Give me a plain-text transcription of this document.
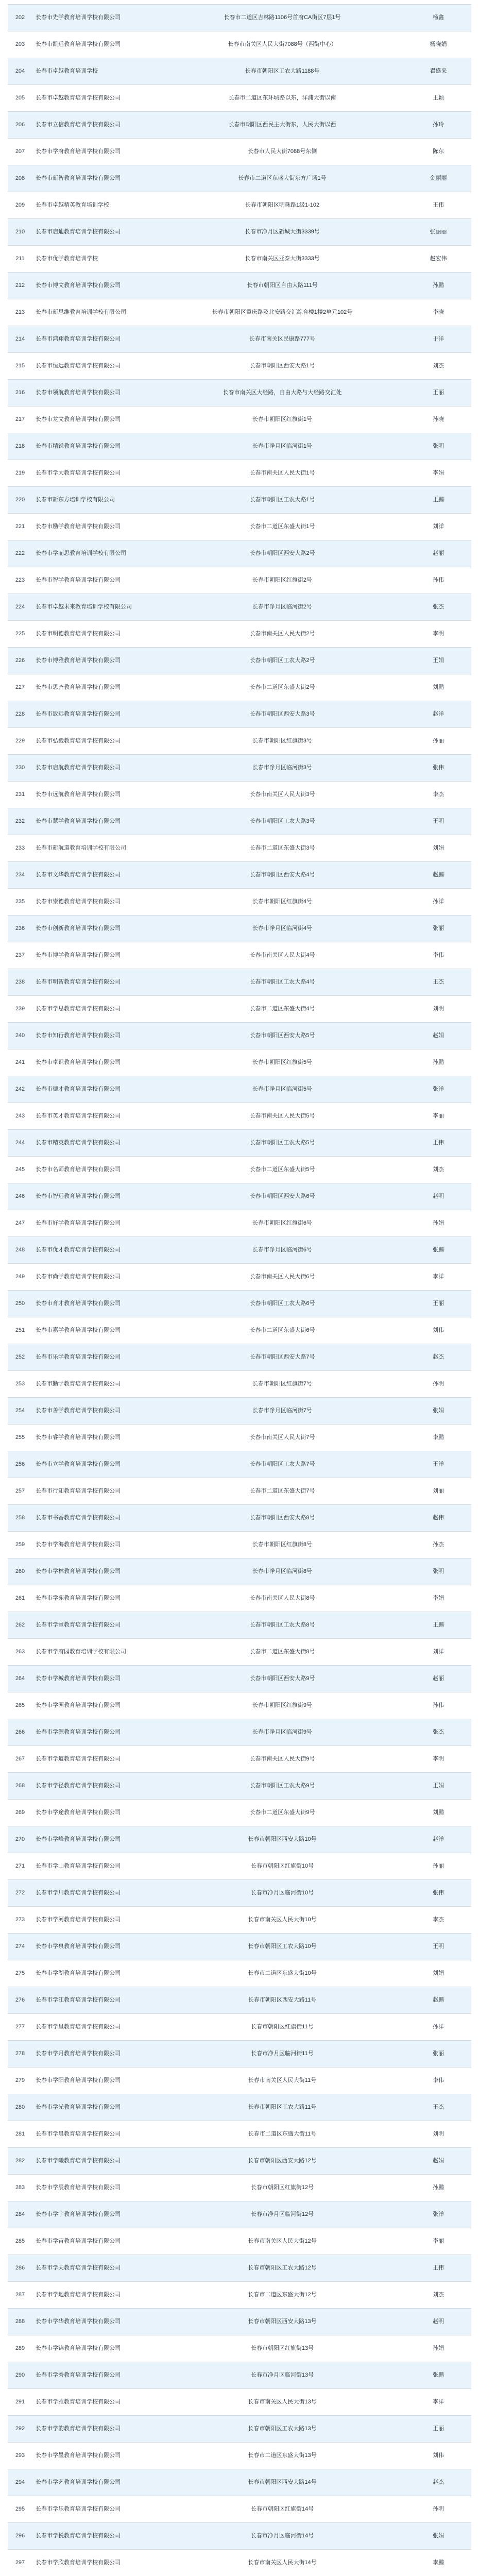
202	长春市先学教育培训学校有限公司	长春市二道区吉林路1106号首府CA街区7层1号	杨鑫
203	长春市凯远教育培训学校有限公司	长春市南关区人民大街7088号（西街中心）	杨晓娟
204	长春市卓越教育培训学校	长春市朝阳区工农大路1188号	翟盛来
205	长春市卓越教育培训学校有限公司	长春市二道区东环城路以东，洋浦大街以南	王颖
206	长春市立信教育培训学校有限公司	长春市朝阳区西民主大街东，人民大街以西	孙玲
207	长春市学府教育培训学校有限公司	长春市人民大街7088号东侧	陈东
208	长春市新智教育培训学校有限公司	长春市二道区东盛大街东方广场1号	金丽丽
209	长春市卓越精英教育培训学校	长春市朝阳区明珠路1级1-102	王伟
210	长春市启迪教育培训学校有限公司	长春市净月区新城大街3339号	张丽丽
211	长春市优学教育培训学校	长春市南关区亚泰大街3333号	赵宏伟
212	长春市博文教育培训学校有限公司	长春市朝阳区自由大路111号	孙鹏
213	长春市新思维教育培训学校有限公司	长春市朝阳区重庆路及北安路交汇综合楼1楼2单元102号	李晓
214	长春市鸿翔教育培训学校有限公司	长春市南关区民康路777号	于洋
215	长春市恒远教育培训学校有限公司	长春市朝阳区西安大路1号	刘杰
216	长春市领航教育培训学校有限公司	长春市南关区大经路，自由大路与大经路交汇处	王丽
217	长春市龙文教育培训学校有限公司	长春市朝阳区红旗街1号	孙晓
218	长春市精锐教育培训学校有限公司	长春市净月区临河街1号	张明
219	长春市学大教育培训学校有限公司	长春市南关区人民大街1号	李娟
220	长春市新东方培训学校有限公司	长春市朝阳区工农大路1号	王鹏
221	长春市励学教育培训学校有限公司	长春市二道区东盛大街1号	刘洋
222	长春市学而思教育培训学校有限公司	长春市朝阳区西安大路2号	赵丽
223	长春市智学教育培训学校有限公司	长春市朝阳区红旗街2号	孙伟
224	长春市卓越未来教育培训学校有限公司	长春市净月区临河街2号	张杰
225	长春市明德教育培训学校有限公司	长春市南关区人民大街2号	李明
226	长春市博雅教育培训学校有限公司	长春市朝阳区工农大路2号	王娟
227	长春市思齐教育培训学校有限公司	长春市二道区东盛大街2号	刘鹏
228	长春市致远教育培训学校有限公司	长春市朝阳区西安大路3号	赵洋
229	长春市弘毅教育培训学校有限公司	长春市朝阳区红旗街3号	孙丽
230	长春市启航教育培训学校有限公司	长春市净月区临河街3号	张伟
231	长春市远航教育培训学校有限公司	长春市南关区人民大街3号	李杰
232	长春市慧学教育培训学校有限公司	长春市朝阳区工农大路3号	王明
233	长春市新航道教育培训学校有限公司	长春市二道区东盛大街3号	刘娟
234	长春市文华教育培训学校有限公司	长春市朝阳区西安大路4号	赵鹏
235	长春市崇德教育培训学校有限公司	长春市朝阳区红旗街4号	孙洋
236	长春市创新教育培训学校有限公司	长春市净月区临河街4号	张丽
237	长春市博学教育培训学校有限公司	长春市南关区人民大街4号	李伟
238	长春市明智教育培训学校有限公司	长春市朝阳区工农大路4号	王杰
239	长春市学思教育培训学校有限公司	长春市二道区东盛大街4号	刘明
240	长春市知行教育培训学校有限公司	长春市朝阳区西安大路5号	赵娟
241	长春市卓识教育培训学校有限公司	长春市朝阳区红旗街5号	孙鹏
242	长春市德才教育培训学校有限公司	长春市净月区临河街5号	张洋
243	长春市英才教育培训学校有限公司	长春市南关区人民大街5号	李丽
244	长春市精英教育培训学校有限公司	长春市朝阳区工农大路5号	王伟
245	长春市名师教育培训学校有限公司	长春市二道区东盛大街5号	刘杰
246	长春市智远教育培训学校有限公司	长春市朝阳区西安大路6号	赵明
247	长春市好学教育培训学校有限公司	长春市朝阳区红旗街6号	孙娟
248	长春市优才教育培训学校有限公司	长春市净月区临河街6号	张鹏
249	长春市尚学教育培训学校有限公司	长春市南关区人民大街6号	李洋
250	长春市育才教育培训学校有限公司	长春市朝阳区工农大路6号	王丽
251	长春市嘉学教育培训学校有限公司	长春市二道区东盛大街6号	刘伟
252	长春市乐学教育培训学校有限公司	长春市朝阳区西安大路7号	赵杰
253	长春市勤学教育培训学校有限公司	长春市朝阳区红旗街7号	孙明
254	长春市善学教育培训学校有限公司	长春市净月区临河街7号	张娟
255	长春市睿学教育培训学校有限公司	长春市南关区人民大街7号	李鹏
256	长春市立学教育培训学校有限公司	长春市朝阳区工农大路7号	王洋
257	长春市行知教育培训学校有限公司	长春市二道区东盛大街7号	刘丽
258	长春市书香教育培训学校有限公司	长春市朝阳区西安大路8号	赵伟
259	长春市学海教育培训学校有限公司	长春市朝阳区红旗街8号	孙杰
260	长春市学林教育培训学校有限公司	长春市净月区临河街8号	张明
261	长春市学苑教育培训学校有限公司	长春市南关区人民大街8号	李娟
262	长春市学堂教育培训学校有限公司	长春市朝阳区工农大路8号	王鹏
263	长春市学府园教育培训学校有限公司	长春市二道区东盛大街8号	刘洋
264	长春市学城教育培训学校有限公司	长春市朝阳区西安大路9号	赵丽
265	长春市学园教育培训学校有限公司	长春市朝阳区红旗街9号	孙伟
266	长春市学源教育培训学校有限公司	长春市净月区临河街9号	张杰
267	长春市学道教育培训学校有限公司	长春市南关区人民大街9号	李明
268	长春市学径教育培训学校有限公司	长春市朝阳区工农大路9号	王娟
269	长春市学途教育培训学校有限公司	长春市二道区东盛大街9号	刘鹏
270	长春市学峰教育培训学校有限公司	长春市朝阳区西安大路10号	赵洋
271	长春市学山教育培训学校有限公司	长春市朝阳区红旗街10号	孙丽
272	长春市学川教育培训学校有限公司	长春市净月区临河街10号	张伟
273	长春市学河教育培训学校有限公司	长春市南关区人民大街10号	李杰
274	长春市学泉教育培训学校有限公司	长春市朝阳区工农大路10号	王明
275	长春市学湖教育培训学校有限公司	长春市二道区东盛大街10号	刘娟
276	长春市学江教育培训学校有限公司	长春市朝阳区西安大路11号	赵鹏
277	长春市学星教育培训学校有限公司	长春市朝阳区红旗街11号	孙洋
278	长春市学月教育培训学校有限公司	长春市净月区临河街11号	张丽
279	长春市学阳教育培训学校有限公司	长春市南关区人民大街11号	李伟
280	长春市学光教育培训学校有限公司	长春市朝阳区工农大路11号	王杰
281	长春市学晨教育培训学校有限公司	长春市二道区东盛大街11号	刘明
282	长春市学曦教育培训学校有限公司	长春市朝阳区西安大路12号	赵娟
283	长春市学辰教育培训学校有限公司	长春市朝阳区红旗街12号	孙鹏
284	长春市学宇教育培训学校有限公司	长春市净月区临河街12号	张洋
285	长春市学宙教育培训学校有限公司	长春市南关区人民大街12号	李丽
286	长春市学天教育培训学校有限公司	长春市朝阳区工农大路12号	王伟
287	长春市学地教育培训学校有限公司	长春市二道区东盛大街12号	刘杰
288	长春市学华教育培训学校有限公司	长春市朝阳区西安大路13号	赵明
289	长春市学锦教育培训学校有限公司	长春市朝阳区红旗街13号	孙娟
290	长春市学秀教育培训学校有限公司	长春市净月区临河街13号	张鹏
291	长春市学雅教育培训学校有限公司	长春市南关区人民大街13号	李洋
292	长春市学韵教育培训学校有限公司	长春市朝阳区工农大路13号	王丽
293	长春市学墨教育培训学校有限公司	长春市二道区东盛大街13号	刘伟
294	长春市学艺教育培训学校有限公司	长春市朝阳区西安大路14号	赵杰
295	长春市学乐教育培训学校有限公司	长春市朝阳区红旗街14号	孙明
296	长春市学悦教育培训学校有限公司	长春市净月区临河街14号	张娟
297	长春市学欣教育培训学校有限公司	长春市南关区人民大街14号	李鹏
